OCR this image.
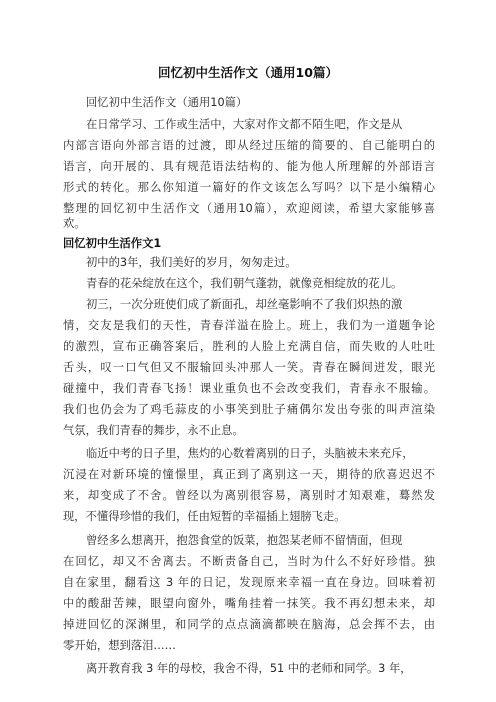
回忆初中生活作文（通用10篇）
回忆初中生活作文（通用10篇）
在日常学习、工作或生活中，大家对作文都不陌生吧，作文是从
内部言语向外部言语的过渡，即从经过压缩的简要的、自己能明白的
语言，向开展的、具有规范语法结构的、能为他人所理解的外部语言
形式的转化。那么你知道一篇好的作文该怎么写吗？以下是小编精心
整理的回忆初中生活作文（通用10篇），欢迎阅读，希望大家能够喜
欢。
回忆初中生活作文1
初中的3年，我们美好的岁月，匆匆走过。
青春的花朵绽放在这个，我们朝气蓬勃，就像竞相绽放的花儿。
初三，一次分班使们成了新面孔，却丝毫影响不了我们炽热的激
情，交友是我们的天性，青春洋溢在脸上。班上，我们为一道题争论
的激烈，宣布正确答案后，胜利的人脸上充满自信，而失败的人吐吐
舌头，叹一口气但又不服输回头冲那人一笑。青春在瞬间迸发，眼光
碰撞中，我们青春飞扬！课业重负也不会改变我们，青春永不服输。
我们也仍会为了鸡毛蒜皮的小事笑到肚子痛偶尔发出夸张的叫声渲染
气氛，我们青春的舞步，永不止息。
临近中考的日子里，焦灼的心数着离别的日子，头脑被未来充斥，
沉浸在对新环境的憧憬里，真正到了离别这一天，期待的欣喜迟迟不
来，却变成了不舍。曾经以为离别很容易，离别时才知艰难，蓦然发
现，不懂得珍惜的我们，任由短暂的幸福插上翅膀飞走。
曾经多么想离开，抱怨食堂的饭菜，抱怨某老师不留情面，但现
在回忆，却又不舍离去。不断责备自己，当时为什么不好好珍惜。独
自在家里，翻看这 3 年的日记，发现原来幸福一直在身边。回味着初
中的酸甜苦辣，眼望向窗外，嘴角挂着一抹笑。我不再幻想未来，却
掉进回忆的深渊里，和同学的点点滴滴都映在脑海，总会挥不去，由
零开始，想到落泪……
离开教育我 3 年的母校，我舍不得，51 中的老师和同学。3 年，
